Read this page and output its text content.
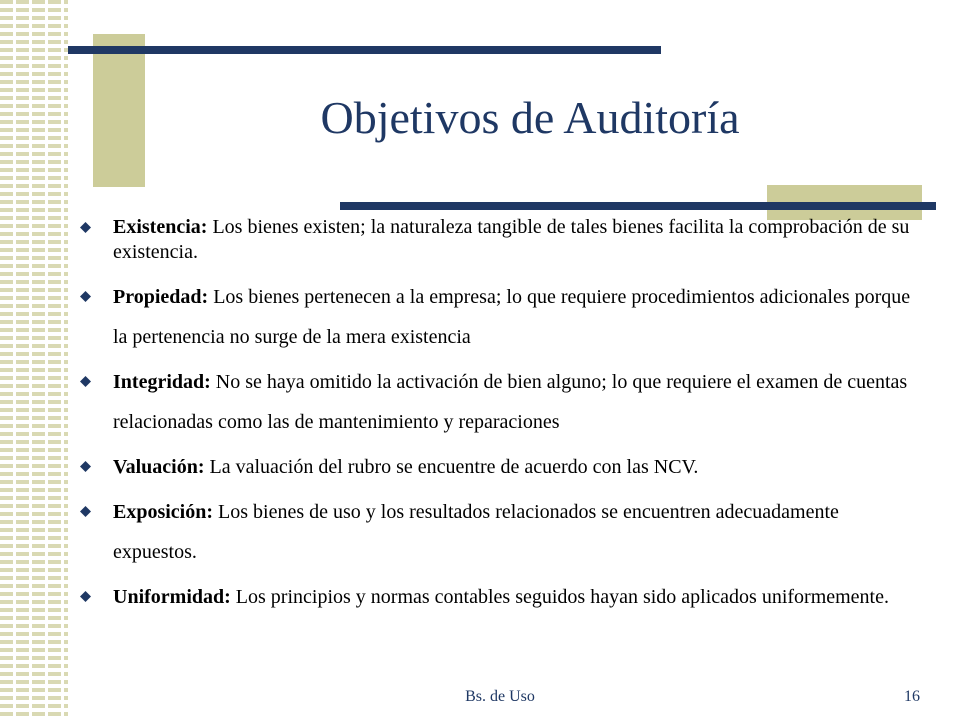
Objetivos de Auditoría
Existencia: Los bienes existen; la naturaleza tangible de tales bienes facilita la comprobación de su existencia.
Propiedad: Los bienes pertenecen a la empresa; lo que requiere procedimientos adicionales porque la pertenencia no surge de la mera existencia
Integridad: No se haya omitido la activación de bien alguno; lo que requiere el examen de cuentas relacionadas como las de mantenimiento y reparaciones
Valuación: La valuación del rubro se encuentre de acuerdo con las NCV.
Exposición: Los bienes de uso y los resultados relacionados se encuentren adecuadamente expuestos.
Uniformidad: Los principios y normas contables seguidos hayan sido aplicados uniformemente.
Bs. de Uso	16
